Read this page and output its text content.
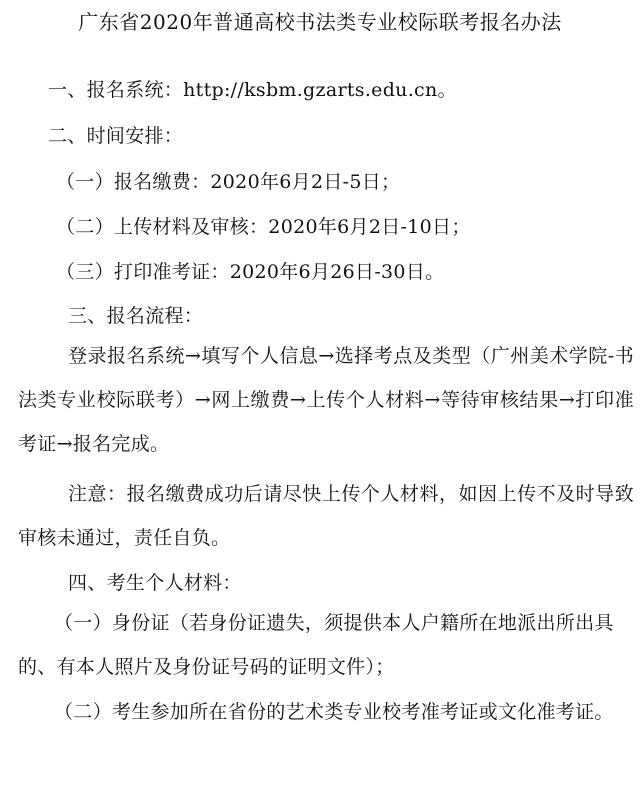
广东省2020年普通高校书法类专业校际联考报名办法
一、报名系统：http://ksbm.gzarts.edu.cn。
二、时间安排：
（一）报名缴费：2020年6月2日-5日；
（二）上传材料及审核：2020年6月2日-10日；
（三）打印准考证：2020年6月26日-30日。
三、报名流程：
登录报名系统→填写个人信息→选择考点及类型（广州美术学院-书法类专业校际联考）→网上缴费→上传个人材料→等待审核结果→打印准考证→报名完成。
注意：报名缴费成功后请尽快上传个人材料，如因上传不及时导致审核未通过，责任自负。
四、考生个人材料：
（一）身份证（若身份证遗失，须提供本人户籍所在地派出所出具的、有本人照片及身份证号码的证明文件）；
（二）考生参加所在省份的艺术类专业校考准考证或文化准考证。
